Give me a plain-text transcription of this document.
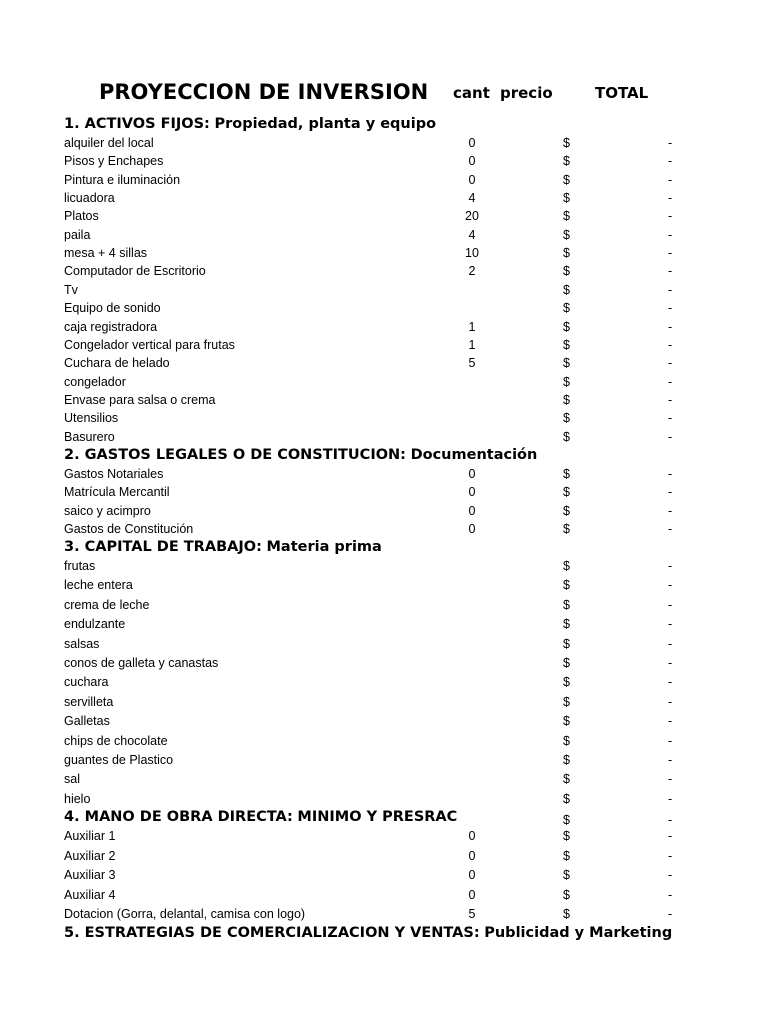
PROYECCION DE INVERSION cant precio	TOTAL
1. ACTIVOS FIJOS: Propiedad, planta y equipo
alquiler del local	0	$	-
Pisos y Enchapes	0	$	-
Pintura e iluminación	0	$	-
licuadora	4	$	-
Platos	20	$	-
paila	4	$	-
mesa + 4 sillas	10	$	-
Computador de Escritorio	2	$	-
Tv	$	-
Equipo de sonido	$	-
caja registradora	1	$	-
Congelador vertical para frutas	1	$	-
Cuchara de helado	5	$	-
congelador	$	-
Envase para salsa o crema	$	-
Utensilios	$	-
Basurero	$	-
2. GASTOS LEGALES O DE CONSTITUCION: Documentación
Gastos Notariales	0	$	-
Matrícula Mercantil	0	$	-
saico y acimpro	0	$	-
Gastos de Constitución	0	$	-
3. CAPITAL DE TRABAJO: Materia prima
frutas	$	-
leche entera	$	-
crema de leche	$	-
endulzante	$	-
salsas	$	-
conos de galleta y canastas	$	-
cuchara	$	-
servilleta	$	-
Galletas	$	-
chips de chocolate	$	-
guantes de Plastico	$	-
sal	$	-
hielo	$	-
4. MANO DE OBRA DIRECTA: MINIMO Y PRESRAC	$	-
Auxiliar 1	0	$	-
Auxiliar 2	0	$	-
Auxiliar 3	0	$	-
Auxiliar 4	0	$	-
Dotacion (Gorra, delantal, camisa con logo)	5	$	-
5. ESTRATEGIAS DE COMERCIALIZACION Y VENTAS: Publicidad y Marketing
